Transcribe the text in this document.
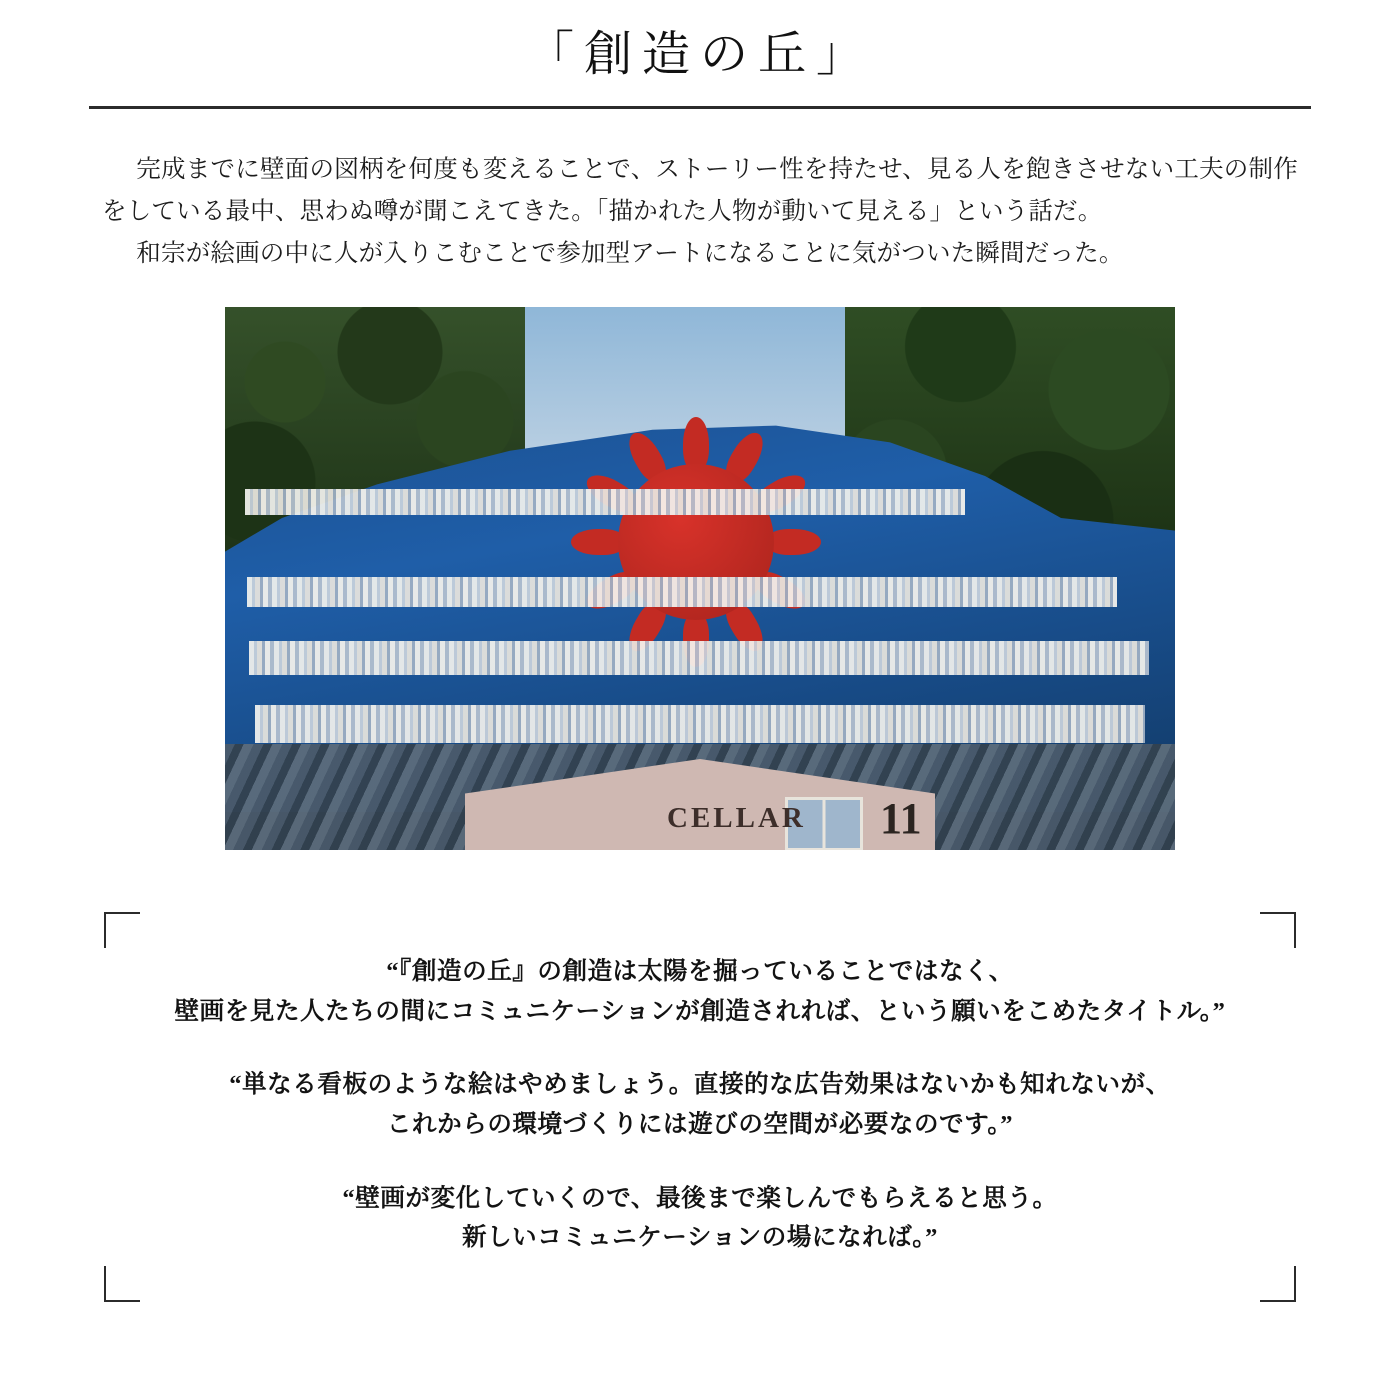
「創造の丘」

完成までに壁面の図柄を何度も変えることで、ストーリー性を持たせ、見る人を飽きさせない工夫の制作をしている最中、思わぬ噂が聞こえてきた。「描かれた人物が動いて見える」という話だ。

和宗が絵画の中に人が入りこむことで参加型アートになることに気がついた瞬間だった。

CELLAR 11

“『創造の丘』の創造は太陽を掘っていることではなく、
壁画を見た人たちの間にコミュニケーションが創造されれば、という願いをこめたタイトル。”

“単なる看板のような絵はやめましょう。直接的な広告効果はないかも知れないが、
これからの環境づくりには遊びの空間が必要なのです。”

“壁画が変化していくので、最後まで楽しんでもらえると思う。
新しいコミュニケーションの場になれば。”
